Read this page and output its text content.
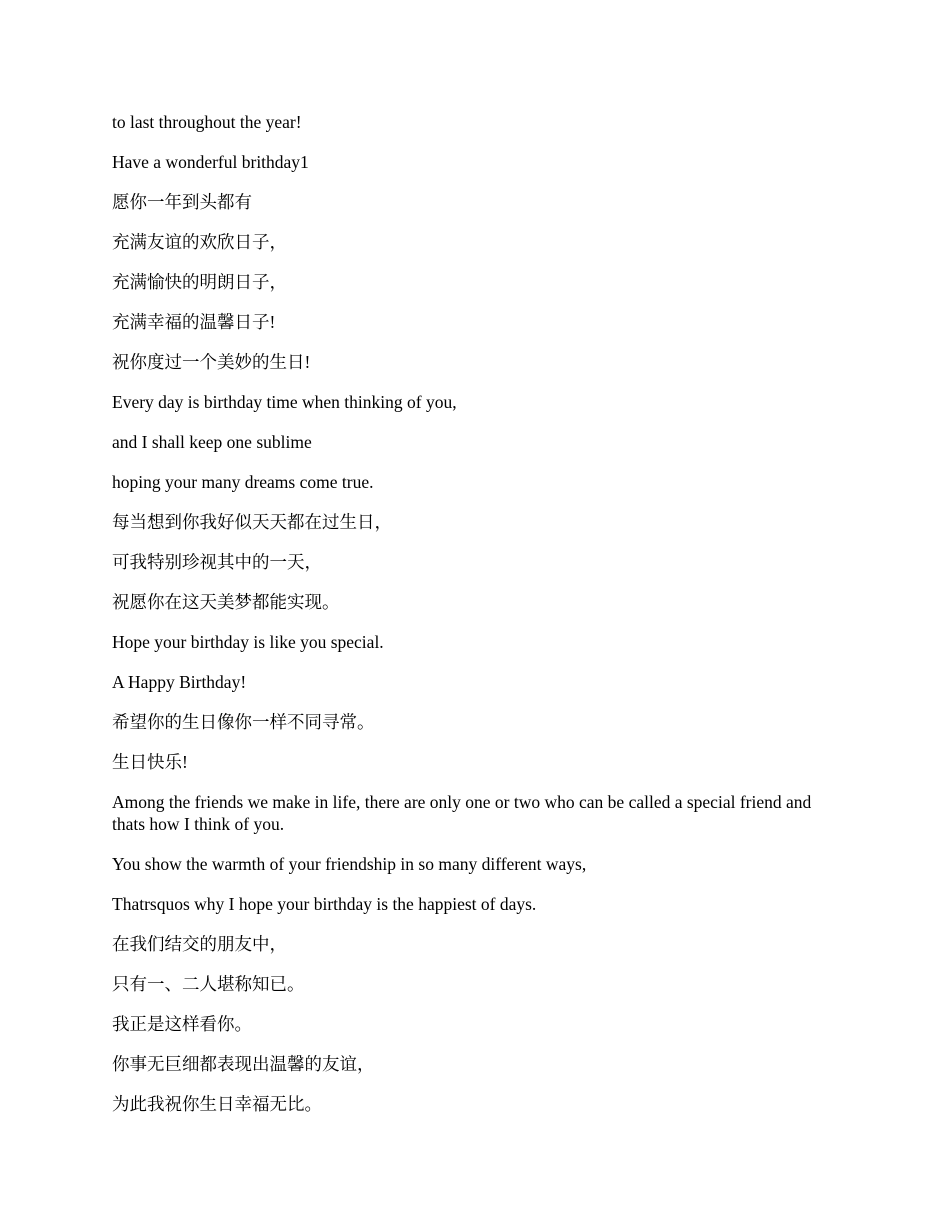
to last throughout the year!

Have a wonderful brithday1

愿你一年到头都有

充满友谊的欢欣日子，

充满愉快的明朗日子，

充满幸福的温馨日子!

祝你度过一个美妙的生日!

Every day is birthday time when thinking of you,

and I shall keep one sublime

hoping your many dreams come true.

每当想到你我好似天天都在过生日，

可我特别珍视其中的一天，

祝愿你在这天美梦都能实现。

Hope your birthday is like you special.

A Happy Birthday!

希望你的生日像你一样不同寻常。

生日快乐!

Among the friends we make in life, there are only one or two who can be called a special friend and thats how I think of you.

You show the warmth of your friendship in so many different ways,

Thatrsquos why I hope your birthday is the happiest of days.

在我们结交的朋友中，

只有一、二人堪称知已。

我正是这样看你。

你事无巨细都表现出温馨的友谊，

为此我祝你生日幸福无比。
